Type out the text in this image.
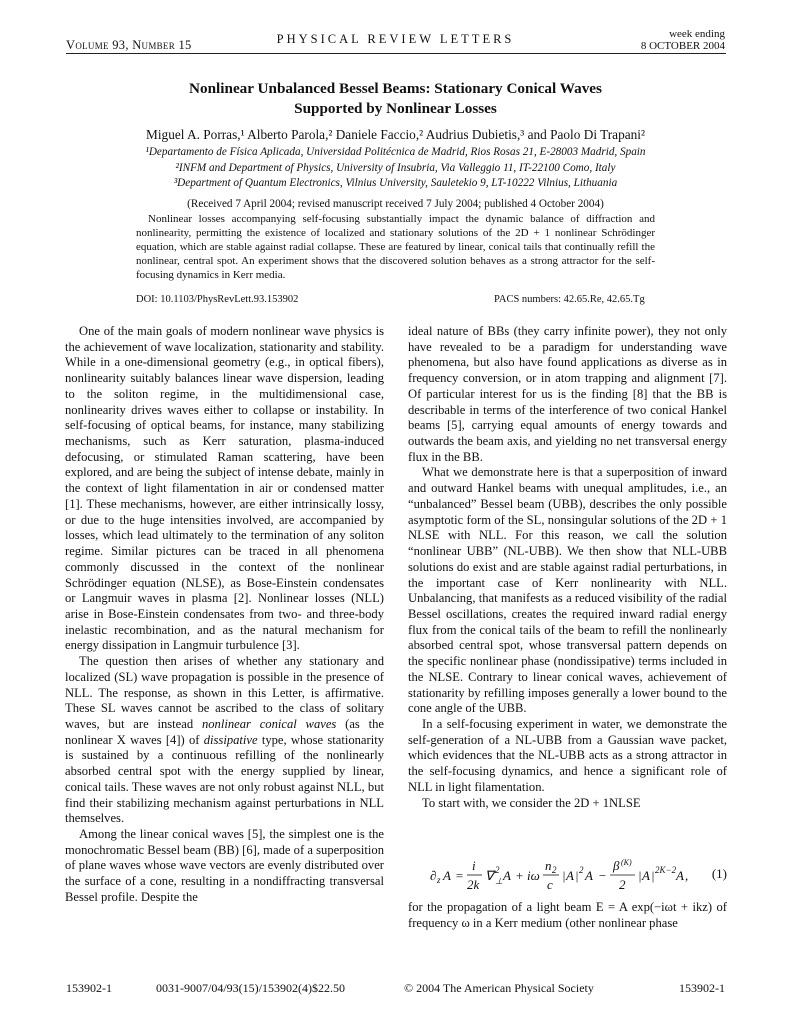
Volume 93, Number 15	PHYSICAL REVIEW LETTERS	week ending
8 OCTOBER 2004
Nonlinear Unbalanced Bessel Beams: Stationary Conical Waves
Supported by Nonlinear Losses
Miguel A. Porras,¹ Alberto Parola,² Daniele Faccio,² Audrius Dubietis,³ and Paolo Di Trapani²
¹Departamento de Física Aplicada, Universidad Politécnica de Madrid, Rios Rosas 21, E-28003 Madrid, Spain
²INFM and Department of Physics, University of Insubria, Via Valleggio 11, IT-22100 Como, Italy
³Department of Quantum Electronics, Vilnius University, Sauletekio 9, LT-10222 Vilnius, Lithuania
(Received 7 April 2004; revised manuscript received 7 July 2004; published 4 October 2004)
Nonlinear losses accompanying self-focusing substantially impact the dynamic balance of diffraction and nonlinearity, permitting the existence of localized and stationary solutions of the 2D + 1 nonlinear Schrödinger equation, which are stable against radial collapse. These are featured by linear, conical tails that continually refill the nonlinear, central spot. An experiment shows that the discovered solution behaves as a strong attractor for the self-focusing dynamics in Kerr media.
DOI: 10.1103/PhysRevLett.93.153902	PACS numbers: 42.65.Re, 42.65.Tg

One of the main goals of modern nonlinear wave physics is the achievement of wave localization, stationarity and stability. While in a one-dimensional geometry (e.g., in optical fibers), nonlinearity suitably balances linear wave dispersion, leading to the soliton regime, in the multidimensional case, nonlinearity drives waves either to collapse or instability. In self-focusing of optical beams, for instance, many stabilizing mechanisms, such as Kerr saturation, plasma-induced defocusing, or stimulated Raman scattering, have been explored, and are being the subject of intense debate, mainly in the context of light filamentation in air or condensed matter [1]. These mechanisms, however, are either intrinsically lossy, or due to the huge intensities involved, are accompanied by losses, which lead ultimately to the termination of any soliton regime. Similar pictures can be traced in all phenomena commonly discussed in the context of the nonlinear Schrödinger equation (NLSE), as Bose-Einstein condensates or Langmuir waves in plasma [2]. Nonlinear losses (NLL) arise in Bose-Einstein condensates from two- and three-body inelastic recombination, and as the natural mechanism for energy dissipation in Langmuir turbulence [3].

The question then arises of whether any stationary and localized (SL) wave propagation is possible in the presence of NLL. The response, as shown in this Letter, is affirmative. These SL waves cannot be ascribed to the class of solitary waves, but are instead nonlinear conical waves (as the nonlinear X waves [4]) of dissipative type, whose stationarity is sustained by a continuous refilling of the nonlinearly absorbed central spot with the energy supplied by linear, conical tails. These waves are not only robust against NLL, but find their stabilizing mechanism against perturbations in NLL themselves.

Among the linear conical waves [5], the simplest one is the monochromatic Bessel beam (BB) [6], made of a superposition of plane waves whose wave vectors are evenly distributed over the surface of a cone, resulting in a nondiffracting transversal Bessel profile. Despite the

ideal nature of BBs (they carry infinite power), they not only have revealed to be a paradigm for understanding wave phenomena, but also have found applications as diverse as in frequency conversion, or in atom trapping and alignment [7]. Of particular interest for us is the finding [8] that the BB is describable in terms of the interference of two conical Hankel beams [5], carrying equal amounts of energy towards and outwards the beam axis, and yielding no net transversal energy flux in the BB.

What we demonstrate here is that a superposition of inward and outward Hankel beams with unequal amplitudes, i.e., an “unbalanced” Bessel beam (UBB), describes the only possible asymptotic form of the SL, nonsingular solutions of the 2D + 1 NLSE with NLL. For this reason, we call the solution “nonlinear UBB” (NL-UBB). We then show that NLL-UBB solutions do exist and are stable against radial perturbations, in the important case of Kerr nonlinearity with NLL. Unbalancing, that manifests as a reduced visibility of the radial Bessel oscillations, creates the required inward radial energy flux from the conical tails of the beam to refill the nonlinearly absorbed central spot, whose transversal pattern depends on the specific nonlinear phase (nondissipative) terms included in the NLSE. Contrary to linear conical waves, achievement of stationarity by refilling imposes generally a lower bound to the cone angle of the UBB.

In a self-focusing experiment in water, we demonstrate the self-generation of a NL-UBB from a Gaussian wave packet, which evidences that the NL-UBB acts as a strong attractor in the self-focusing dynamics, and hence a significant role of NLL in light filamentation.

To start with, we consider the 2D + 1NLSE

∂ z A =
i
2k
∇ 2
⊥ A + iω
n 2
c
| A | 2 A −
β (K)
2
| A | 2K−2 A , (1)

for the propagation of a light beam E = A exp(−iωt + ikz) of frequency ω in a Kerr medium (other nonlinear phase

153902-1	0031-9007/04/93(15)/153902(4)$22.50	© 2004 The American Physical Society	153902-1
